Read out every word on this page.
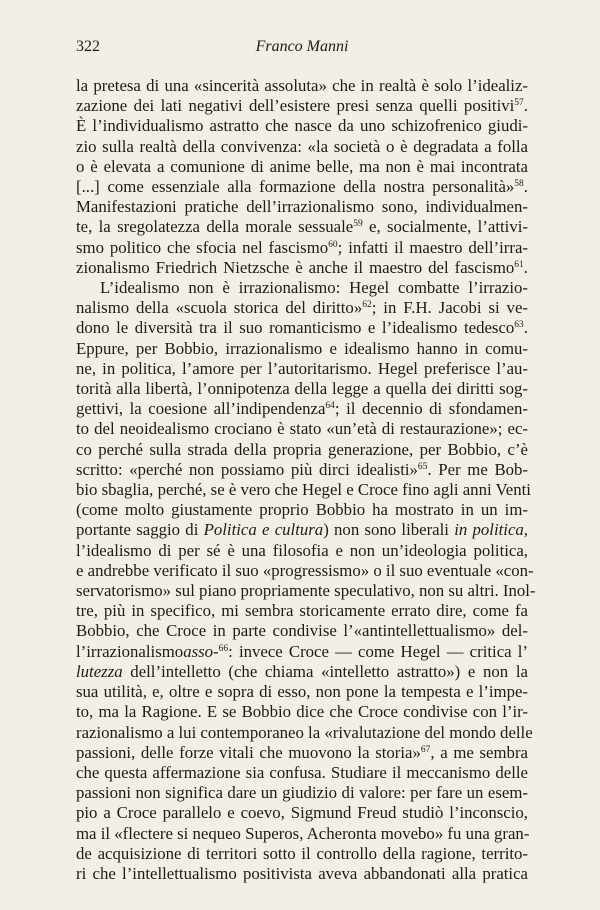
322	Franco Manni
la pretesa di una «sincerità assoluta» che in realtà è solo l’idealiz-
zazione dei lati negativi dell’esistere presi senza quelli positivi$^{57}$.
È l’individualismo astratto che nasce da uno schizofrenico giudi-
zio sulla realtà della convivenza: «la società o è degradata a folla
o è elevata a comunione di anime belle, ma non è mai incontrata
[...] come essenziale alla formazione della nostra personalità»$^{58}$.
Manifestazioni pratiche dell’irrazionalismo sono, individualmen-
te, la sregolatezza della morale sessuale$^{59}$ e, socialmente, l’attivi-
smo politico che sfocia nel fascismo$^{60}$; infatti il maestro dell’irra-
zionalismo Friedrich Nietzsche è anche il maestro del fascismo$^{61}$.
L’idealismo non è irrazionalismo: Hegel combatte l’irrazio-
nalismo della «scuola storica del diritto»$^{62}$; in F.H. Jacobi si ve-
dono le diversità tra il suo romanticismo e l’idealismo tedesco$^{63}$.
Eppure, per Bobbio, irrazionalismo e idealismo hanno in comu-
ne, in politica, l’amore per l’autoritarismo. Hegel preferisce l’au-
torità alla libertà, l’onnipotenza della legge a quella dei diritti sog-
gettivi, la coesione all’indipendenza$^{64}$; il decennio di sfondamen-
to del neoidealismo crociano è stato «un’età di restaurazione»; ec-
co perché sulla strada della propria generazione, per Bobbio, c’è
scritto: «perché non possiamo più dirci idealisti»$^{65}$. Per me Bob-
bio sbaglia, perché, se è vero che Hegel e Croce fino agli anni Venti
(come molto giustamente proprio Bobbio ha mostrato in un im-
portante saggio di Politica e cultura) non sono liberali in politica,
l’idealismo di per sé è una filosofia e non un’ideologia politica,
e andrebbe verificato il suo «progressismo» o il suo eventuale «con-
servatorismo» sul piano propriamente speculativo, non su altri. Inol-
tre, più in specifico, mi sembra storicamente errato dire, come fa
Bobbio, che Croce in parte condivise l’«antintellettualismo» del-
l’irrazionalismoasso-$^{66}$: invece Croce — come Hegel — critica l’
lutezza dell’intelletto (che chiama «intelletto astratto») e non la
sua utilità, e, oltre e sopra di esso, non pone la tempesta e l’impe-
to, ma la Ragione. E se Bobbio dice che Croce condivise con l’ir-
razionalismo a lui contemporaneo la «rivalutazione del mondo delle
passioni, delle forze vitali che muovono la storia»$^{67}$, a me sembra
che questa affermazione sia confusa. Studiare il meccanismo delle
passioni non significa dare un giudizio di valore: per fare un esem-
pio a Croce parallelo e coevo, Sigmund Freud studiò l’inconscio,
ma il «flectere si nequeo Superos, Acheronta movebo» fu una gran-
de acquisizione di territori sotto il controllo della ragione, territo-
ri che l’intellettualismo positivista aveva abbandonati alla pratica
